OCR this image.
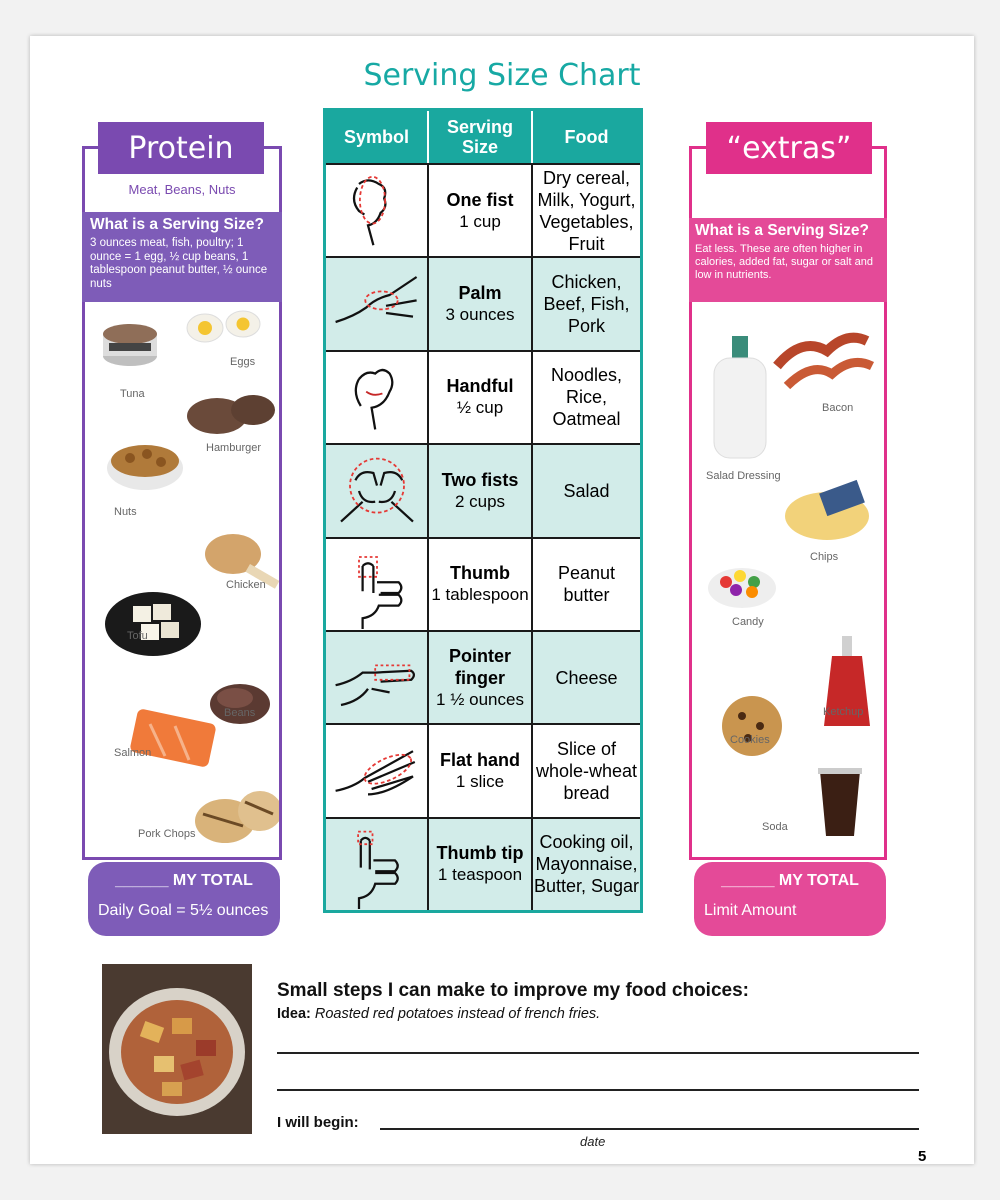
Serving Size Chart
Protein
Meat, Beans, Nuts
What is a Serving Size?
3 ounces meat, fish, poultry; 1 ounce = 1 egg, ½ cup beans, 1 tablespoon peanut butter, ½ ounce nuts
Eggs
Tuna
Hamburger
Nuts
Chicken
Tofu
Beans
Salmon
Pork Chops
______ MY TOTAL
Daily Goal = 5½ ounces
Symbol	Serving Size	Food
One fist
1 cup
Dry cereal, Milk, Yogurt, Vegetables, Fruit
Palm
3 ounces
Chicken, Beef, Fish, Pork
Handful
½ cup
Noodles, Rice, Oatmeal
Two fists
2 cups
Salad
Thumb
1 tablespoon
Peanut butter
Pointer finger
1 ½ ounces
Cheese
Flat hand
1 slice
Slice of whole-wheat bread
Thumb tip
1 teaspoon
Cooking oil, Mayonnaise, Butter, Sugar
“extras”
What is a Serving Size?
Eat less. These are often higher in calories, added fat, sugar or salt and low in nutrients.
Bacon
Salad Dressing
Chips
Candy
Ketchup
Cookies
Soda
______ MY TOTAL
Limit Amount
Small steps I can make to improve my food choices:
Idea: Roasted red potatoes instead of french fries.
I will begin:
date
5
